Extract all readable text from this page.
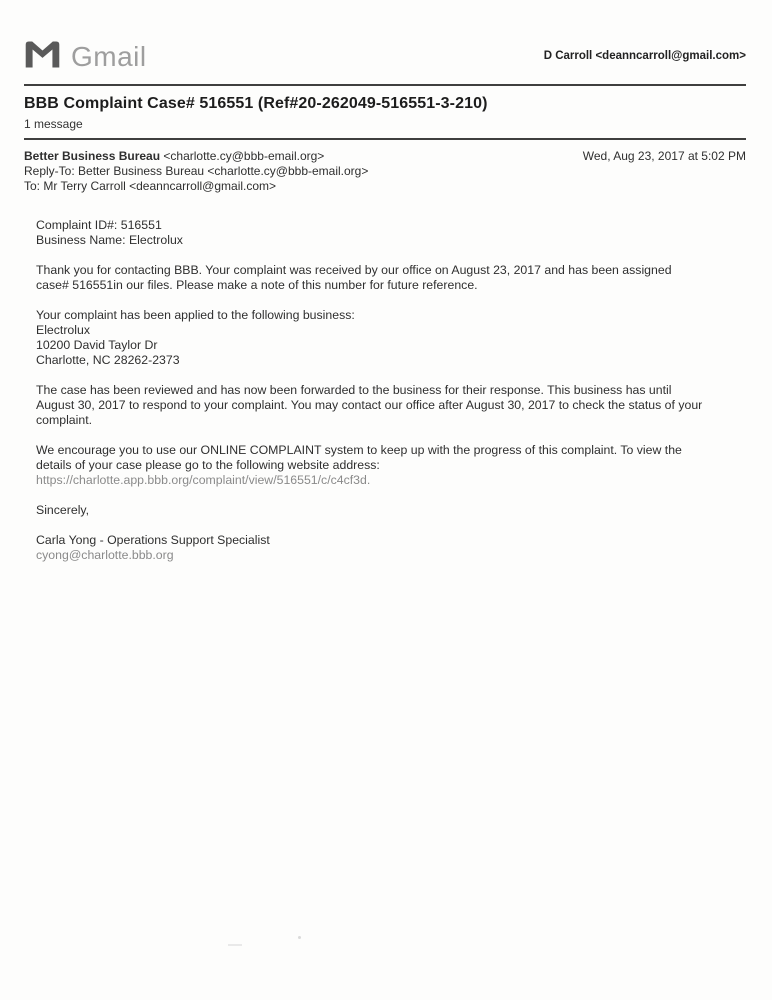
Gmail	D Carroll <deanncarroll@gmail.com>
BBB Complaint Case# 516551 (Ref#20-262049-516551-3-210)
1 message
Better Business Bureau <charlotte.cy@bbb-email.org>	Wed, Aug 23, 2017 at 5:02 PM
Reply-To: Better Business Bureau <charlotte.cy@bbb-email.org>
To: Mr Terry Carroll <deanncarroll@gmail.com>
Complaint ID#: 516551
Business Name: Electrolux
Thank you for contacting BBB. Your complaint was received by our office on August 23, 2017 and has been assigned
case# 516551in our files. Please make a note of this number for future reference.
Your complaint has been applied to the following business:
Electrolux
10200 David Taylor Dr
Charlotte, NC 28262-2373
The case has been reviewed and has now been forwarded to the business for their response. This business has until
August 30, 2017 to respond to your complaint. You may contact our office after August 30, 2017 to check the status of your
complaint.
We encourage you to use our ONLINE COMPLAINT system to keep up with the progress of this complaint. To view the
details of your case please go to the following website address:
https://charlotte.app.bbb.org/complaint/view/516551/c/c4cf3d.
Sincerely,
Carla Yong - Operations Support Specialist
cyong@charlotte.bbb.org
